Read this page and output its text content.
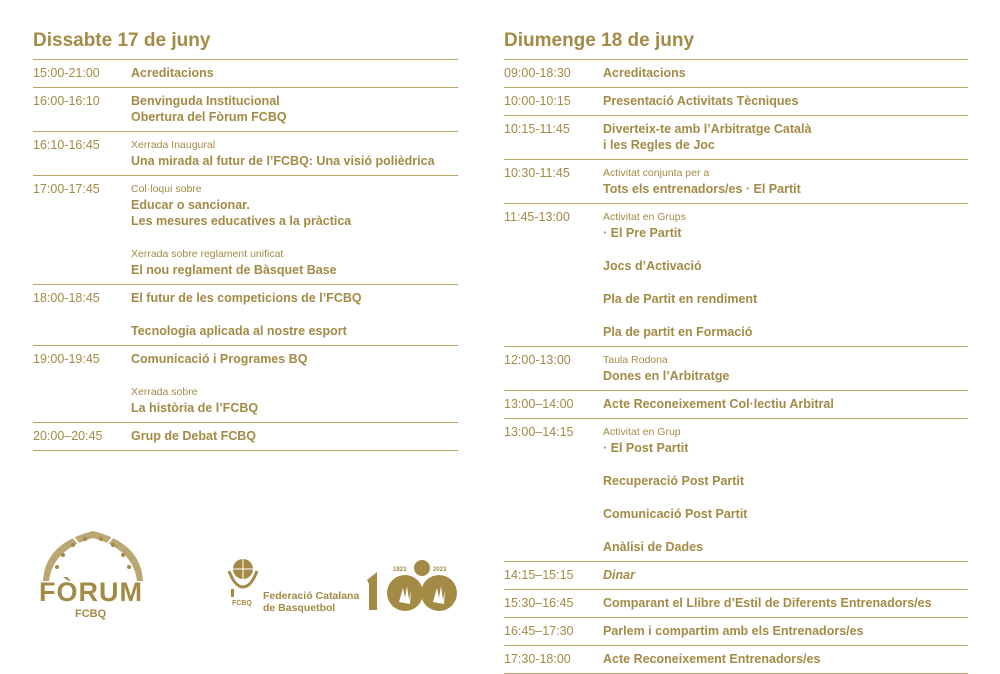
Dissabte 17 de juny
15:00-21:00	Acreditacions
16:00-16:10	Benvinguda Institucional
Obertura del Fòrum FCBQ
16:10-16:45	Xerrada Inaugural
Una mirada al futur de l’FCBQ: Una visió polièdrica
17:00-17:45	Col·loqui sobre
Educar o sancionar.
Les mesures educatives a la pràctica
Xerrada sobre reglament unificat
El nou reglament de Bàsquet Base
18:00-18:45	El futur de les competicions de l’FCBQ
Tecnologia aplicada al nostre esport
19:00-19:45	Comunicació i Programes BQ
Xerrada sobre
La història de l’FCBQ
20:00–20:45 Grup de Debat FCBQ
Diumenge 18 de juny
09:00-18:30	Acreditacions
10:00-10:15	Presentació Activitats Tècniques
10:15-11:45	Diverteix-te amb l’Arbitratge Català
i les Regles de Joc
10:30-11:45	Activitat conjunta per a
Tots els entrenadors/es · El Partit
11:45-13:00	Activitat en Grups
· El Pre Partit
Jocs d’Activació
Pla de Partit en rendiment
Pla de partit en Formació
12:00-13:00	Taula Rodona
Dones en l’Arbitratge
13:00–14:00 Acte Reconeixement Col·lectiu Arbitral
13:00–14:15	Activitat en Grup
· El Post Partit
Recuperació Post Partit
Comunicació Post Partit
Anàlisi de Dades
14:15–15:15 Dinar
15:30–16:45 Comparant el Llibre d’Estil de Diferents Entrenadors/es
16:45–17:30 Parlem i compartim amb els Entrenadors/es
17:30-18:00	Acte Reconeixement Entrenadors/es
FÒRUM
FCBQ
FCBQ
Federació Catalana
de Basquetbol
1923	2023
